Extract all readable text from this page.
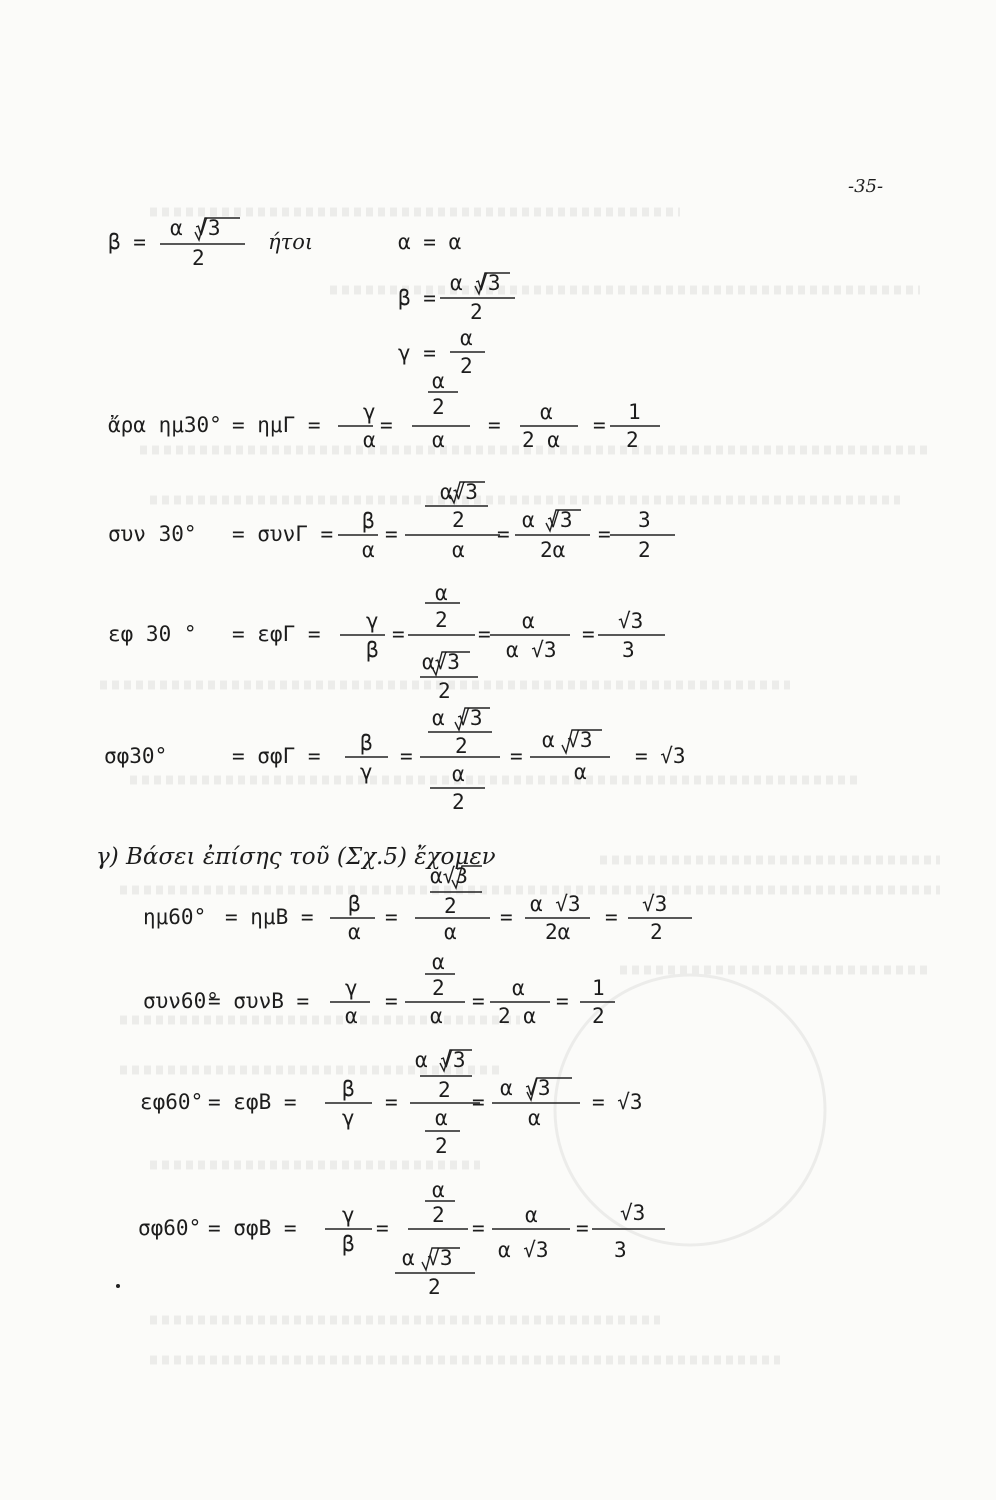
-35-
β =
α √3
2
ήτοι	α = α
β =
α √3
2
γ =
α
2
ἄρα ημ30° = ημΓ =
γ
α
=
α
2
α
=
α
2 α
=
1
2
συν 30° = συνΓ =
β
α
=
α√3
2
α
=
α √3
2α
=
3
2
εφ 30 ° = εφΓ =
γ
β
=
α
2
α√3
2
=
α
α √3
=
√3
3
σφ30°	= σφΓ =
β
γ
=
α √3
2
α
2
=
α √3
α
= √3
γ) Βάσει ἐπίσης τοῦ (Σχ.5) ἔχομεν
ημ60° = ημΒ =
β
α
=
α√3
2
α
=
α √3
2α
=
√3
2
συν60°
= συνΒ =
γ
α
=
α
2
α
=
α
2 α
=
1
2
εφ60° = εφΒ =
β
γ
=
α √3
2
α
2
=
α √3
α
= √3
σφ60° = σφΒ =
γ
β
=
α
2
α √3
2
=
α
α √3
=
√3
3
